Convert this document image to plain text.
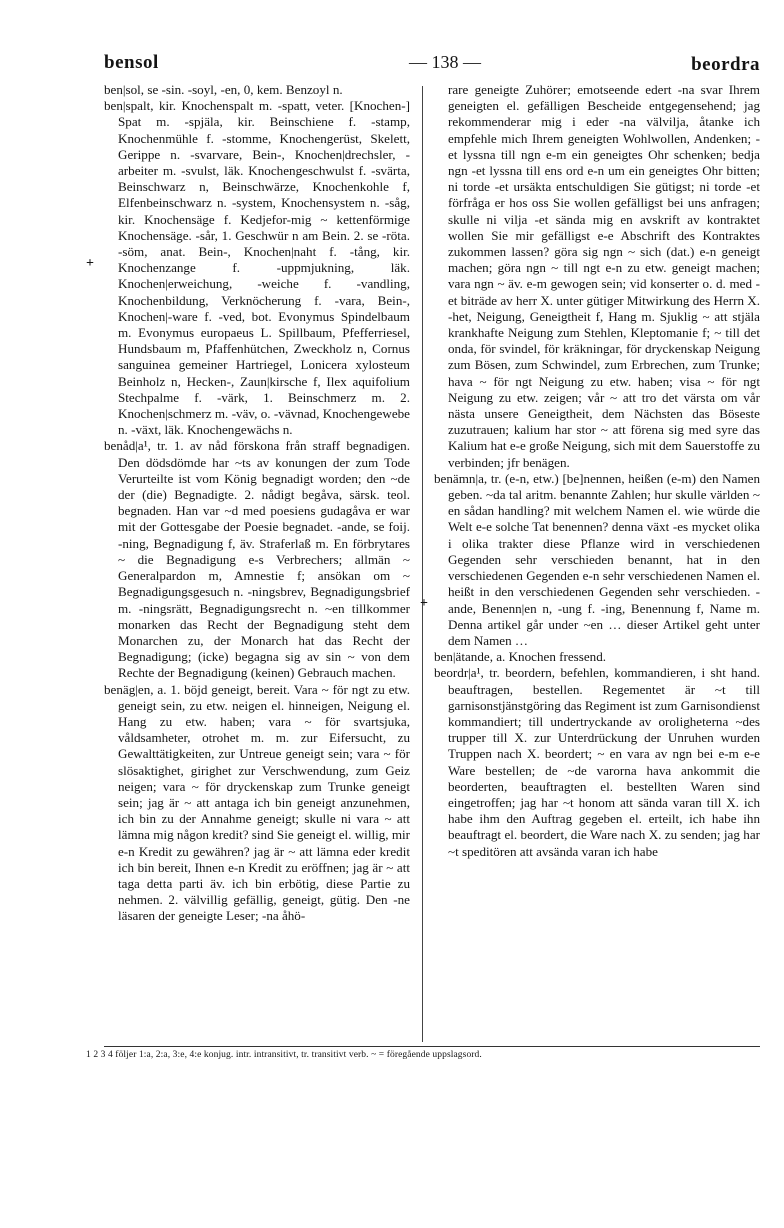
bensol	— 138 —	beordra

ben|sol, se -sin. -soyl, -en, 0, kem. Benzoyl n.

ben|spalt, kir. Knochenspalt m. -spatt, veter. [Knochen-] Spat m. -spjäla, kir. Beinschiene f. -stamp, Knochenmühle f. -stomme, Knochengerüst, Skelett, Gerippe n. -svarvare, Bein-, Knochen|drechsler, -arbeiter m. -svulst, läk. Knochengeschwulst f. -svärta, Beinschwarz n, Beinschwärze, Knochenkohle f, Elfenbeinschwarz n. -system, Knochensystem n. -såg, kir. Knochensäge f. Kedjefor-mig ~ kettenförmige Knochensäge. -sår, 1. Geschwür n am Bein. 2. se -röta. -söm, anat. Bein-, Knochen|naht f. -tång, kir. Knochenzange f. -uppmjukning, läk. Knochen|erweichung, -weiche f. -vandling, Knochenbildung, Verknöcherung f. -vara, Bein-, Knochen|-ware f. -ved, bot. Evonymus Spindelbaum m. Evonymus europaeus L. Spillbaum, Pfefferriesel, Hundsbaum m, Pfaffenhütchen, Zweckholz n, Cornus sanguinea gemeiner Hartriegel, Lonicera xylosteum Beinholz n, Hecken-, Zaun|kirsche f, Ilex aquifolium Stechpalme f. -värk, 1. Beinschmerz m. 2. Knochen|schmerz m. -väv, o. -vävnad, Knochengewebe n. -växt, läk. Knochengewächs n.

benåd|a¹, tr. 1. av nåd förskona från straff begnadigen. Den dödsdömde har ~ts av konungen der zum Tode Verurteilte ist vom König begnadigt worden; den ~de der (die) Begnadigte. 2. nådigt begåva, särsk. teol. begnaden. Han var ~d med poesiens gudagåva er war mit der Gottesgabe der Poesie begnadet. -ande, se foij. -ning, Begnadigung f, äv. Straferlaß m. En förbrytares ~ die Begnadigung e-s Verbrechers; allmän ~ Generalpardon m, Amnestie f; ansökan om ~ Begnadigungsgesuch n. -ningsbrev, Begnadigungsbrief m. -ningsrätt, Begnadigungsrecht n. ~en tillkommer monarken das Recht der Begnadigung steht dem Monarchen zu, der Monarch hat das Recht der Begnadigung; (icke) begagna sig av sin ~ von dem Rechte der Begnadigung (keinen) Gebrauch machen.

benäg|en, a. 1. böjd geneigt, bereit. Vara ~ för ngt zu etw. geneigt sein, zu etw. neigen el. hinneigen, Neigung el. Hang zu etw. haben; vara ~ för svartsjuka, våldsamheter, otrohet m. m. zur Eifersucht, zu Gewalttätigkeiten, zur Untreue geneigt sein; vara ~ för slösaktighet, girighet zur Verschwendung, zum Geiz neigen; vara ~ för dryckenskap zum Trunke geneigt sein; jag är ~ att antaga ich bin geneigt anzunehmen, ich bin zu der Annahme geneigt; skulle ni vara ~ att lämna mig någon kredit? sind Sie geneigt el. willig, mir e-n Kredit zu gewähren? jag är ~ att lämna eder kredit ich bin bereit, Ihnen e-n Kredit zu eröffnen; jag är ~ att taga detta parti äv. ich bin erbötig, diese Partie zu nehmen. 2. välvillig gefällig, geneigt, gütig. Den -ne läsaren der geneigte Leser; -na åhö-

+

rare geneigte Zuhörer; emotseende edert -na svar Ihrem geneigten el. gefälligen Bescheide entgegensehend; jag rekommenderar mig i eder -na välvilja, åtanke ich empfehle mich Ihrem geneigten Wohlwollen, Andenken; -et lyssna till ngn e-m ein geneigtes Ohr schenken; bedja ngn -et lyssna till ens ord e-n um ein geneigtes Ohr bitten; ni torde -et ursäkta entschuldigen Sie gütigst; ni torde -et förfråga er hos oss Sie wollen gefälligst bei uns anfragen; skulle ni vilja -et sända mig en avskrift av kontraktet wollen Sie mir gefälligst e-e Abschrift des Kontraktes zukommen lassen? göra sig ngn ~ sich (dat.) e-n geneigt machen; göra ngn ~ till ngt e-n zu etw. geneigt machen; vara ngn ~ äv. e-m gewogen sein; vid konserter o. d. med -et biträde av herr X. unter gütiger Mitwirkung des Herrn X. -het, Neigung, Geneigtheit f, Hang m. Sjuklig ~ att stjäla krankhafte Neigung zum Stehlen, Kleptomanie f; ~ till det onda, för svindel, för kräkningar, för dryckenskap Neigung zum Bösen, zum Schwindel, zum Erbrechen, zum Trunke; hava ~ för ngt Neigung zu etw. haben; visa ~ för ngt Neigung zu etw. zeigen; vår ~ att tro det värsta om vår nästa unsere Geneigtheit, dem Nächsten das Böseste zuzutrauen; kalium har stor ~ att förena sig med syre das Kalium hat e-e große Neigung, sich mit dem Sauerstoffe zu verbinden; jfr benägen.

benämn|a, tr. (e-n, etw.) [be]nennen, heißen (e-m) den Namen geben. ~da tal aritm. benannte Zahlen; hur skulle världen ~ en sådan handling? mit welchem Namen el. wie würde die Welt e-e solche Tat benennen? denna växt -es mycket olika i olika trakter diese Pflanze wird in verschiedenen Gegenden sehr verschieden benannt, hat in den verschiedenen Gegenden e-n sehr verschiedenen Namen el. heißt in den verschiedenen Gegenden sehr verschieden. -ande, Benenn|en n, -ung f. -ing, Benennung f, Name m. Denna artikel går under ~en … dieser Artikel geht unter dem Namen …

ben|ätande, a. Knochen fressend.

beordr|a¹, tr. beordern, befehlen, kommandieren, i sht hand. beauftragen, bestellen. Regementet är ~t till garnisonstjänstgöring das Regiment ist zum Garnisondienst kommandiert; till undertryckande av oroligheterna ~des trupper till X. zur Unterdrückung der Unruhen wurden Truppen nach X. beordert; ~ en vara av ngn bei e-m e-e Ware bestellen; de ~de varorna hava ankommit die beorderten, beauftragten el. bestellten Waren sind eingetroffen; jag har ~t honom att sända varan till X. ich habe ihm den Auftrag gegeben el. erteilt, ich habe ihn beauftragt el. beordert, die Ware nach X. zu senden; jag har ~t speditören att avsända varan ich habe

+
1 2 3 4 följer 1:a, 2:a, 3:e, 4:e konjug. intr. intransitivt, tr. transitivt verb. ~ = föregående uppslagsord.
